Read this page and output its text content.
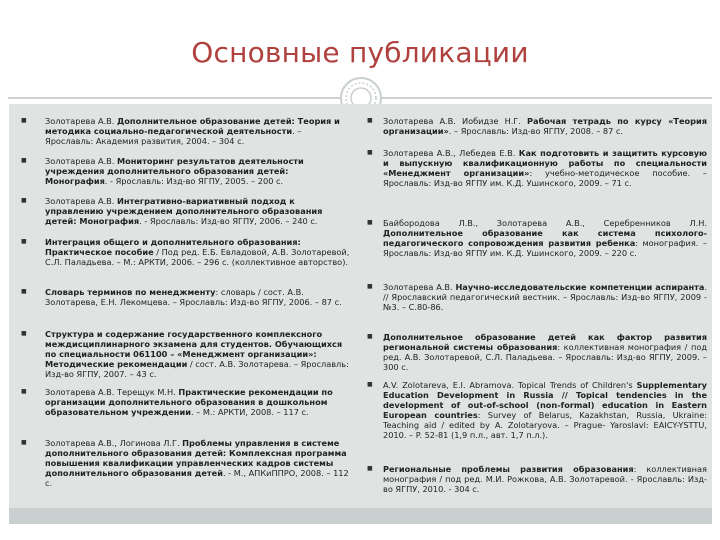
Основные публикации
■ Золотарева А.В. Дополнительное образование детей: Теория и методика социально-педагогической деятельности. – Ярославль: Академия развития, 2004. – 304 с.
■ Золотарева А.В. Мониторинг результатов деятельности учреждения дополнительного образования детей: Монография. - Ярославль: Изд-во ЯГПУ, 2005. – 200 с.
■ Золотарева А.В. Интегративно-вариативный подход к управлению учреждением дополнительного образования детей: Монография. - Ярославль: Изд-во ЯГПУ, 2006. – 240 с.
■ Интеграция общего и дополнительного образования: Практическое пособие / Под ред. Е.Б. Евладовой, А.В. Золотаревой, С.Л. Паладьева. – М.: АРКТИ, 2006. – 296 с. (коллективное авторство).
■ Словарь терминов по менеджменту: словарь / сост. А.В. Золотарева, Е.Н. Лекомцева. – Ярославль: Изд-во ЯГПУ, 2006. – 87 с.
■ Структура и содержание государственного комплексного междисциплинарного экзамена для студентов. Обучающихся по специальности 061100 – «Менеджмент организации»: Методические рекомендации / сост. А.В. Золотарева. – Ярославль: Изд-во ЯГПУ, 2007. – 43 с.
■ Золотарева А.В. Терещук М.Н. Практические рекомендации по организации дополнительного образования в дошкольном образовательном учреждении. – М.: АРКТИ, 2008. – 117 с.
■ Золотарева А.В., Логинова Л.Г. Проблемы управления в системе дополнительного образования детей: Комплексная программа повышения квалификации управленческих кадров системы дополнительного образования детей. - М., АПКиППРО, 2008. – 112 с.
■ Золотарева А.В. Иобидзе Н.Г. Рабочая тетрадь по курсу «Теория организации». – Ярославль: Изд-во ЯГПУ, 2008. – 87 с.
■ Золотарева А.В., Лебедев Е.В. Как подготовить и защитить курсовую и выпускную квалификационную работы по специальности «Менеджмент организации»: учебно-методическое пособие. – Ярославль: Изд-во ЯГПУ им. К.Д. Ушинского, 2009. – 71 с.
■ Байбородова Л.В., Золотарева А.В., Серебренников Л.Н. Дополнительное образование как система психолого-педагогического сопровождения развития ребенка: монография. – Ярославль: Изд-во ЯГПУ им. К.Д. Ушинского, 2009. – 220 с.
■ Золотарева А.В. Научно-исследовательские компетенции аспиранта. // Ярославский педагогический вестник. – Ярославль: Изд-во ЯГПУ, 2009 - №3. – С.80-86.
■ Дополнительное образование детей как фактор развития региональной системы образования: коллективная монография / под ред. А.В. Золотаревой, С.Л. Паладьева. – Ярославль: Изд-во ЯГПУ, 2009. – 300 с.
■ A.V. Zolotareva, E.I. Abramova. Topical Trends of Children's Supplementary Education Development in Russia // Topical tendencies in the development of out-of-school (non-formal) education in Eastern European countries: Survey of Belarus, Kazakhstan, Russia, Ukraine: Teaching aid / edited by A. Zolotaryova. – Prague- Yaroslavl: EAICY-YSTTU, 2010. – P. 52-81 (1,9 п.л., авт. 1,7 п.л.).
■ Региональные проблемы развития образования: коллективная монография / под ред. М.И. Рожкова, А.В. Золотаревой. - Ярославль: Изд-во ЯГПУ, 2010. - 304 с.
